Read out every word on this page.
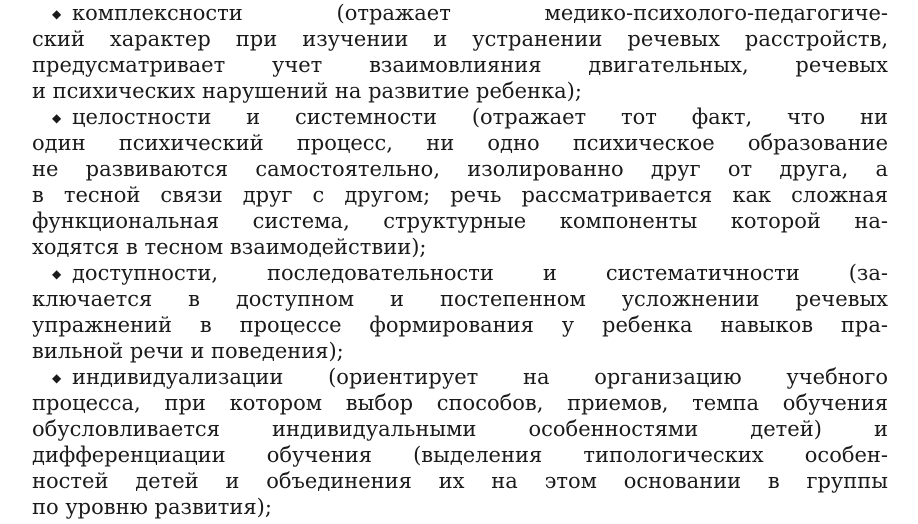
◆ комплексности (отражает медико-психолого-педагогиче-
ский характер при изучении и устранении речевых расстройств,
предусматривает учет взаимовлияния двигательных, речевых
и психических нарушений на развитие ребенка);
◆ целостности и системности (отражает тот факт, что ни
один психический процесс, ни одно психическое образование
не развиваются самостоятельно, изолированно друг от друга, а
в тесной связи друг с другом; речь рассматривается как сложная
функциональная система, структурные компоненты которой на-
ходятся в тесном взаимодействии);
◆ доступности, последовательности и систематичности (за-
ключается в доступном и постепенном усложнении речевых
упражнений в процессе формирования у ребенка навыков пра-
вильной речи и поведения);
◆ индивидуализации (ориентирует на организацию учебного
процесса, при котором выбор способов, приемов, темпа обучения
обусловливается индивидуальными особенностями детей) и
дифференциации обучения (выделения типологических особен-
ностей детей и объединения их на этом основании в группы
по уровню развития);
